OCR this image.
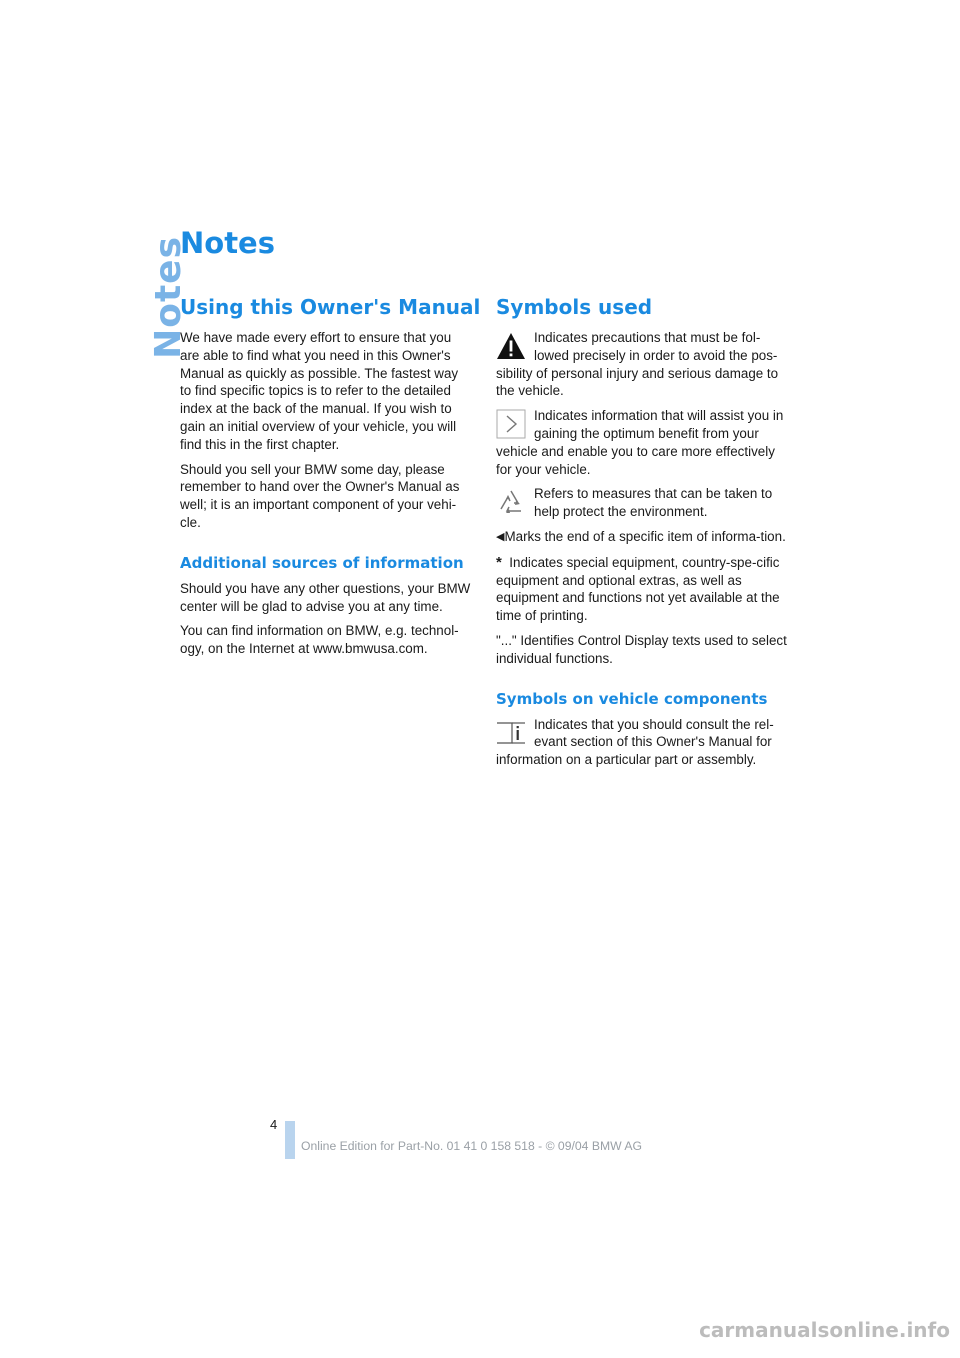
Notes
Notes
Using this Owner's Manual

We have made every effort to ensure that you are able to find what you need in this Owner's Manual as quickly as possible. The fastest way to find specific topics is to refer to the detailed index at the back of the manual. If you wish to gain an initial overview of your vehicle, you will find this in the first chapter.

Should you sell your BMW some day, please remember to hand over the Owner's Manual as well; it is an important component of your vehi-cle.

Additional sources of information

Should you have any other questions, your BMW center will be glad to advise you at any time.

You can find information on BMW, e.g. technol-ogy, on the Internet at www.bmwusa.com.

Symbols used

Indicates precautions that must be fol-lowed precisely in order to avoid the pos-sibility of personal injury and serious damage to the vehicle.

Indicates information that will assist you in gaining the optimum benefit from your vehicle and enable you to care more effectively for your vehicle.

Refers to measures that can be taken to help protect the environment.

◀Marks the end of a specific item of informa-tion.

* Indicates special equipment, country-spe-cific equipment and optional extras, as well as equipment and functions not yet available at the time of printing.

"..." Identifies Control Display texts used to select individual functions.

Symbols on vehicle components

Indicates that you should consult the rel-evant section of this Owner's Manual for information on a particular part or assembly.

4
Online Edition for Part-No. 01 41 0 158 518 - © 09/04 BMW AG
carmanualsonline.info
